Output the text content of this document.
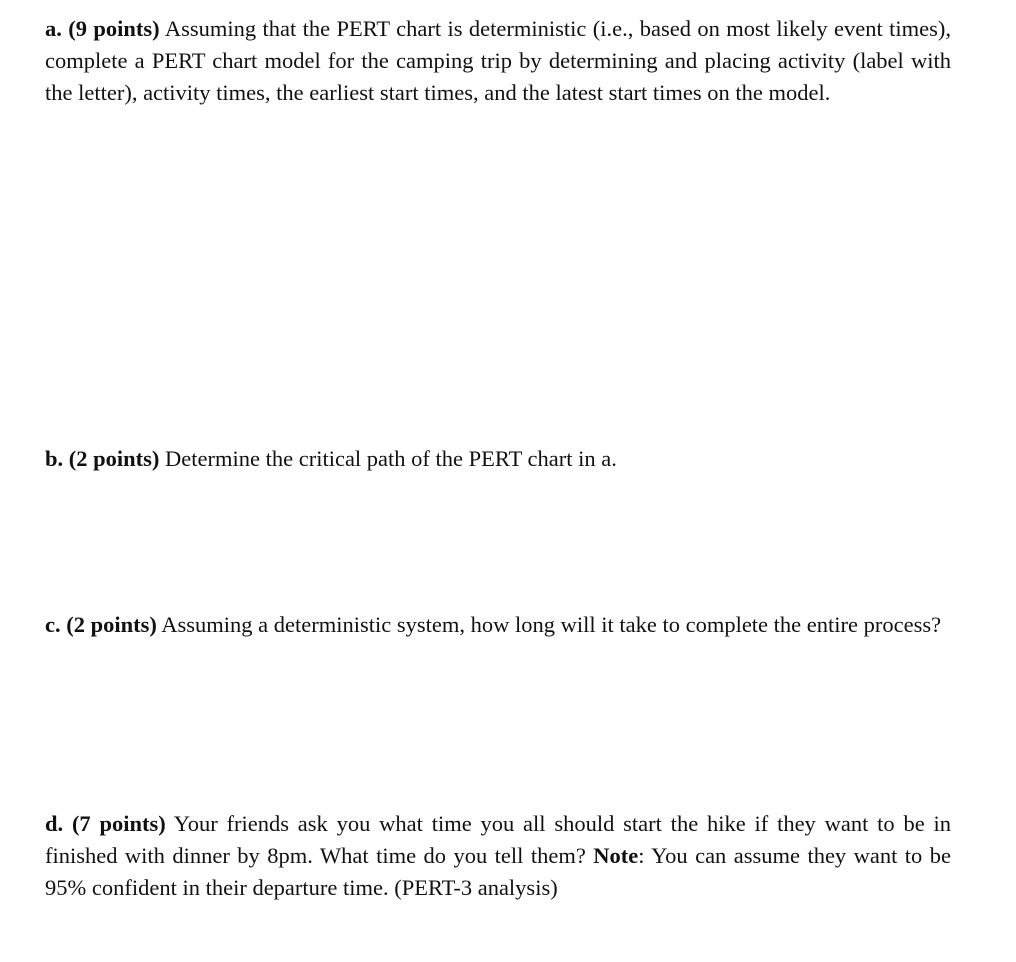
a. (9 points) Assuming that the PERT chart is deterministic (i.e., based on most likely event times), complete a PERT chart model for the camping trip by determining and placing activity (label with the letter), activity times, the earliest start times, and the latest start times on the model.

b. (2 points) Determine the critical path of the PERT chart in a.

c. (2 points) Assuming a deterministic system, how long will it take to complete the entire process?

d. (7 points) Your friends ask you what time you all should start the hike if they want to be in finished with dinner by 8pm. What time do you tell them? Note: You can assume they want to be 95% confident in their departure time. (PERT-3 analysis)
